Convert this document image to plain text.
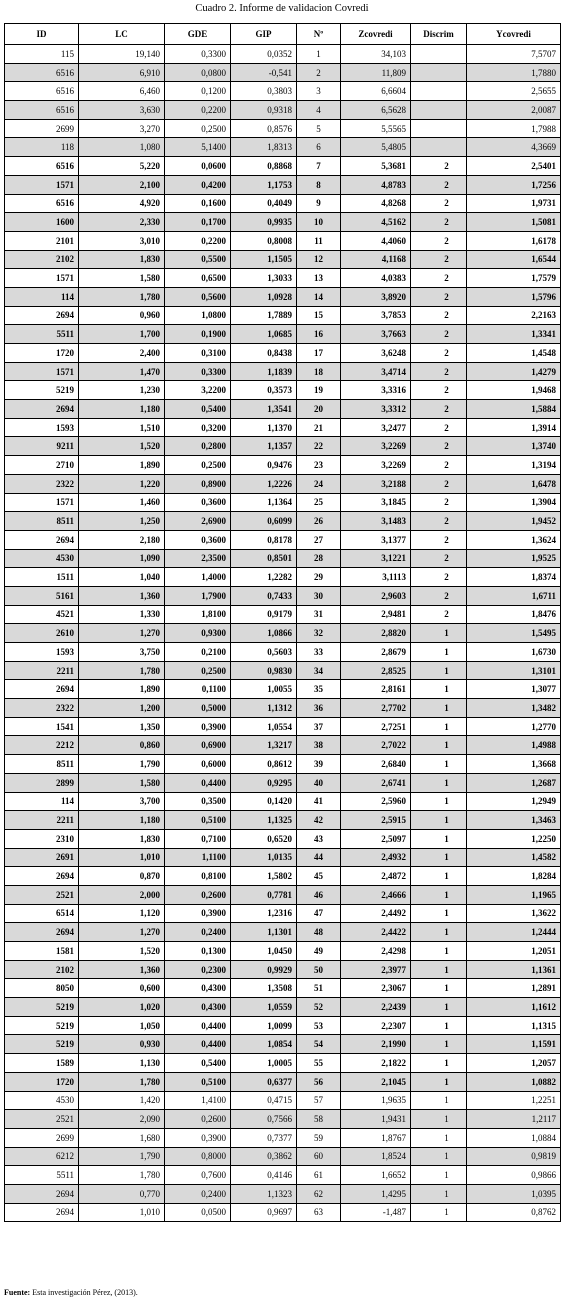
Cuadro 2. Informe de validacion Covredi
ID	LC	GDE	GIP	Nº	Zcovredi	Discrim	Ycovredi
115	19,140	0,3300	0,0352	1	34,103		7,5707
6516	6,910	0,0800	-0,541	2	11,809		1,7880
6516	6,460	0,1200	0,3803	3	6,6604		2,5655
6516	3,630	0,2200	0,9318	4	6,5628		2,0087
2699	3,270	0,2500	0,8576	5	5,5565		1,7988
118	1,080	5,1400	1,8313	6	5,4805		4,3669
6516	5,220	0,0600	0,8868	7	5,3681	2	2,5401
1571	2,100	0,4200	1,1753	8	4,8783	2	1,7256
6516	4,920	0,1600	0,4049	9	4,8268	2	1,9731
1600	2,330	0,1700	0,9935	10	4,5162	2	1,5081
2101	3,010	0,2200	0,8008	11	4,4060	2	1,6178
2102	1,830	0,5500	1,1505	12	4,1168	2	1,6544
1571	1,580	0,6500	1,3033	13	4,0383	2	1,7579
114	1,780	0,5600	1,0928	14	3,8920	2	1,5796
2694	0,960	1,0800	1,7889	15	3,7853	2	2,2163
5511	1,700	0,1900	1,0685	16	3,7663	2	1,3341
1720	2,400	0,3100	0,8438	17	3,6248	2	1,4548
1571	1,470	0,3300	1,1839	18	3,4714	2	1,4279
5219	1,230	3,2200	0,3573	19	3,3316	2	1,9468
2694	1,180	0,5400	1,3541	20	3,3312	2	1,5884
1593	1,510	0,3200	1,1370	21	3,2477	2	1,3914
9211	1,520	0,2800	1,1357	22	3,2269	2	1,3740
2710	1,890	0,2500	0,9476	23	3,2269	2	1,3194
2322	1,220	0,8900	1,2226	24	3,2188	2	1,6478
1571	1,460	0,3600	1,1364	25	3,1845	2	1,3904
8511	1,250	2,6900	0,6099	26	3,1483	2	1,9452
2694	2,180	0,3600	0,8178	27	3,1377	2	1,3624
4530	1,090	2,3500	0,8501	28	3,1221	2	1,9525
1511	1,040	1,4000	1,2282	29	3,1113	2	1,8374
5161	1,360	1,7900	0,7433	30	2,9603	2	1,6711
4521	1,330	1,8100	0,9179	31	2,9481	2	1,8476
2610	1,270	0,9300	1,0866	32	2,8820	1	1,5495
1593	3,750	0,2100	0,5603	33	2,8679	1	1,6730
2211	1,780	0,2500	0,9830	34	2,8525	1	1,3101
2694	1,890	0,1100	1,0055	35	2,8161	1	1,3077
2322	1,200	0,5000	1,1312	36	2,7702	1	1,3482
1541	1,350	0,3900	1,0554	37	2,7251	1	1,2770
2212	0,860	0,6900	1,3217	38	2,7022	1	1,4988
8511	1,790	0,6000	0,8612	39	2,6840	1	1,3668
2899	1,580	0,4400	0,9295	40	2,6741	1	1,2687
114	3,700	0,3500	0,1420	41	2,5960	1	1,2949
2211	1,180	0,5100	1,1325	42	2,5915	1	1,3463
2310	1,830	0,7100	0,6520	43	2,5097	1	1,2250
2691	1,010	1,1100	1,0135	44	2,4932	1	1,4582
2694	0,870	0,8100	1,5802	45	2,4872	1	1,8284
2521	2,000	0,2600	0,7781	46	2,4666	1	1,1965
6514	1,120	0,3900	1,2316	47	2,4492	1	1,3622
2694	1,270	0,2400	1,1301	48	2,4422	1	1,2444
1581	1,520	0,1300	1,0450	49	2,4298	1	1,2051
2102	1,360	0,2300	0,9929	50	2,3977	1	1,1361
8050	0,600	0,4300	1,3508	51	2,3067	1	1,2891
5219	1,020	0,4300	1,0559	52	2,2439	1	1,1612
5219	1,050	0,4400	1,0099	53	2,2307	1	1,1315
5219	0,930	0,4400	1,0854	54	2,1990	1	1,1591
1589	1,130	0,5400	1,0005	55	2,1822	1	1,2057
1720	1,780	0,5100	0,6377	56	2,1045	1	1,0882
4530	1,420	1,4100	0,4715	57	1,9635	1	1,2251
2521	2,090	0,2600	0,7566	58	1,9431	1	1,2117
2699	1,680	0,3900	0,7377	59	1,8767	1	1,0884
6212	1,790	0,8000	0,3862	60	1,8524	1	0,9819
5511	1,780	0,7600	0,4146	61	1,6652	1	0,9866
2694	0,770	0,2400	1,1323	62	1,4295	1	1,0395
2694	1,010	0,0500	0,9697	63	-1,487	1	0,8762
Fuente: Esta investigación Pérez, (2013).
